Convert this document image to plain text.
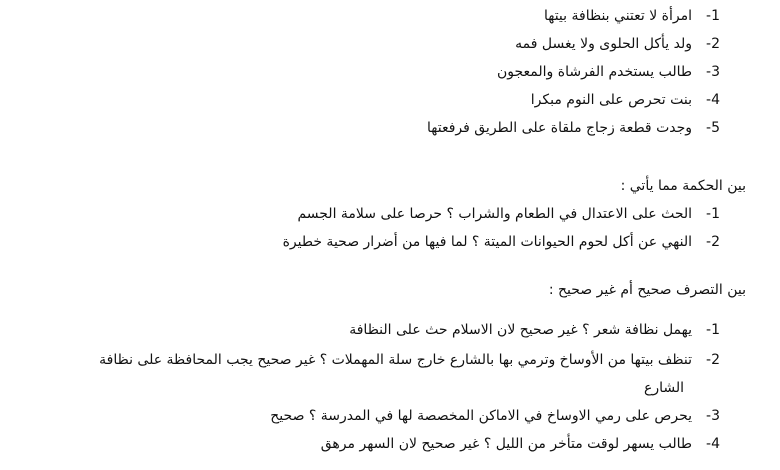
1-امرأة لا تعتني بنظافة بيتها
2-ولد يأكل الحلوى ولا يغسل فمه
3-طالب يستخدم الفرشاة والمعجون
4-بنت تحرص على النوم مبكرا
5-وجدت قطعة زجاج ملقاة على الطريق فرفعتها
بين الحكمة مما يأتي :
1-الحث على الاعتدال في الطعام والشراب ؟ حرصا على سلامة الجسم
2-النهي عن أكل لحوم الحيوانات الميتة ؟ لما فيها من أضرار صحية خطيرة
بين التصرف صحيح أم غير صحيح :
1-يهمل نظافة شعر ؟ غير صحيح لان الاسلام حث على النظافة
2-تنظف بيتها من الأوساخ وترمي بها بالشارع خارج سلة المهملات ؟ غير صحيح يجب المحافظة على نظافة
الشارع
3-يحرص على رمي الاوساخ في الاماكن المخصصة لها في المدرسة ؟ صحيح
4-طالب يسهر لوقت متأخر من الليل ؟ غير صحيح لان السهر مرهق
